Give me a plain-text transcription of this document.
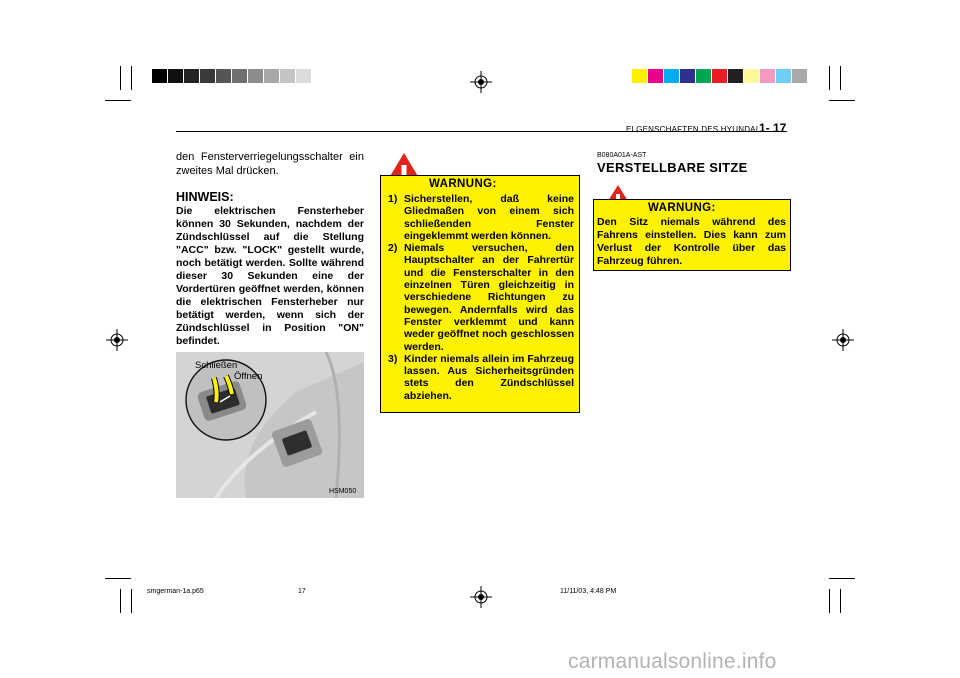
ELGENSCHAFTEN DES HYUNDAI 1- 17

den Fensterverriegelungsschalter ein zweites Mal drücken.

HINWEIS:

Die elektrischen Fensterheber können 30 Sekunden, nachdem der Zündschlüssel auf die Stellung "ACC" bzw. "LOCK" gestellt wurde, noch betätigt werden. Sollte während dieser 30 Sekunden eine der Vordertüren geöffnet werden, können die elektrischen Fensterheber nur betätigt werden, wenn sich der Zündschlüssel in Position "ON" befindet.

Schließen
Öffnen
HSM050
WARNUNG:
1) Sicherstellen, daß keine Gliedmaßen von einem sich schließenden Fenster eingeklemmt werden können.
2) Niemals versuchen, den Hauptschalter an der Fahrertür und die Fensterschalter in den einzelnen Türen gleichzeitig in verschiedene Richtungen zu bewegen. Andernfalls wird das Fenster verklemmt und kann weder geöffnet noch geschlossen werden.
3) Kinder niemals allein im Fahrzeug lassen. Aus Sicherheitsgründen stets den Zündschlüssel abziehen.
B080A01A-AST
VERSTELLBARE SITZE
WARNUNG:

Den Sitz niemals während des Fahrens einstellen. Dies kann zum Verlust der Kontrolle über das Fahrzeug führen.

smgerman-1a.p65	17	11/11/03, 4:48 PM
carmanualsonline.info
